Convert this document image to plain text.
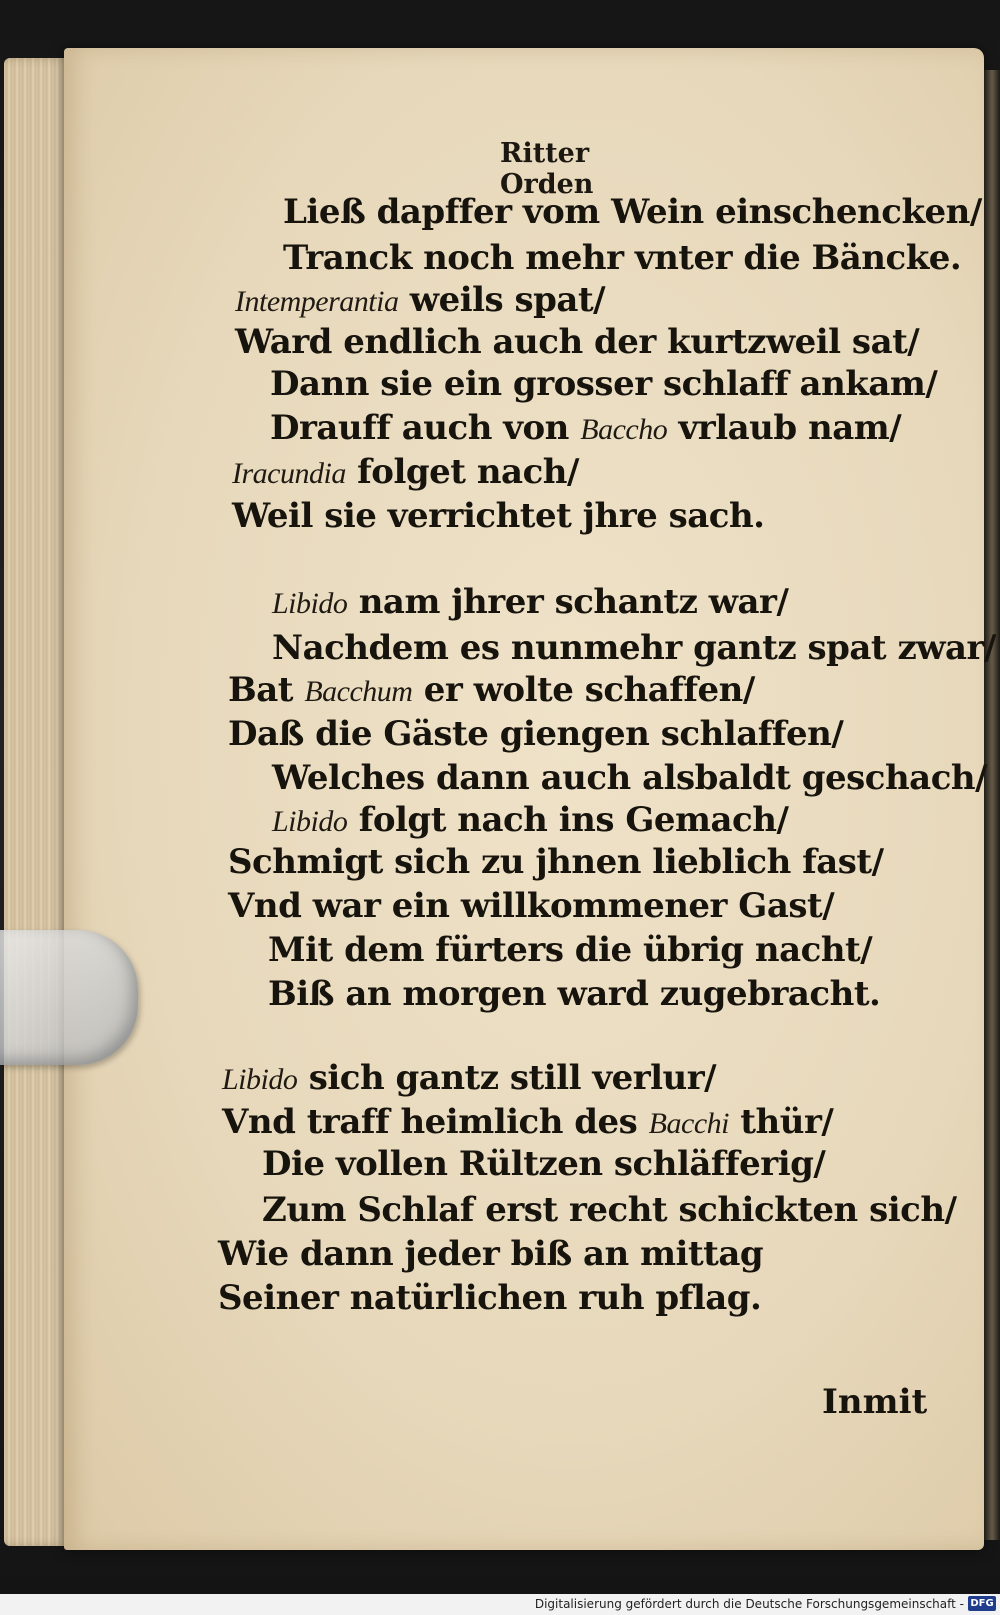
Ritter Orden
Ließ dapffer vom Wein einschencken/
Tranck noch mehr vnter die Bäncke.
Intemperantia weils spat/
Ward endlich auch der kurtzweil sat/
Dann sie ein grosser schlaff ankam/
Drauff auch von Baccho vrlaub nam/
Iracundia folget nach/
Weil sie verrichtet jhre sach.
Libido nam jhrer schantz war/
Nachdem es nunmehr gantz spat zwar/
Bat Bacchum er wolte schaffen/
Daß die Gäste giengen schlaffen/
Welches dann auch alsbaldt geschach/
Libido folgt nach ins Gemach/
Schmigt sich zu jhnen lieblich fast/
Vnd war ein willkommener Gast/
Mit dem fürters die übrig nacht/
Biß an morgen ward zugebracht.
Libido sich gantz still verlur/
Vnd traff heimlich des Bacchi thür/
Die vollen Rültzen schläfferig/
Zum Schlaf erst recht schickten sich/
Wie dann jeder biß an mittag
Seiner natürlichen ruh pflag.
Inmit
Digitalisierung gefördert durch die Deutsche Forschungsgemeinschaft - DFG
